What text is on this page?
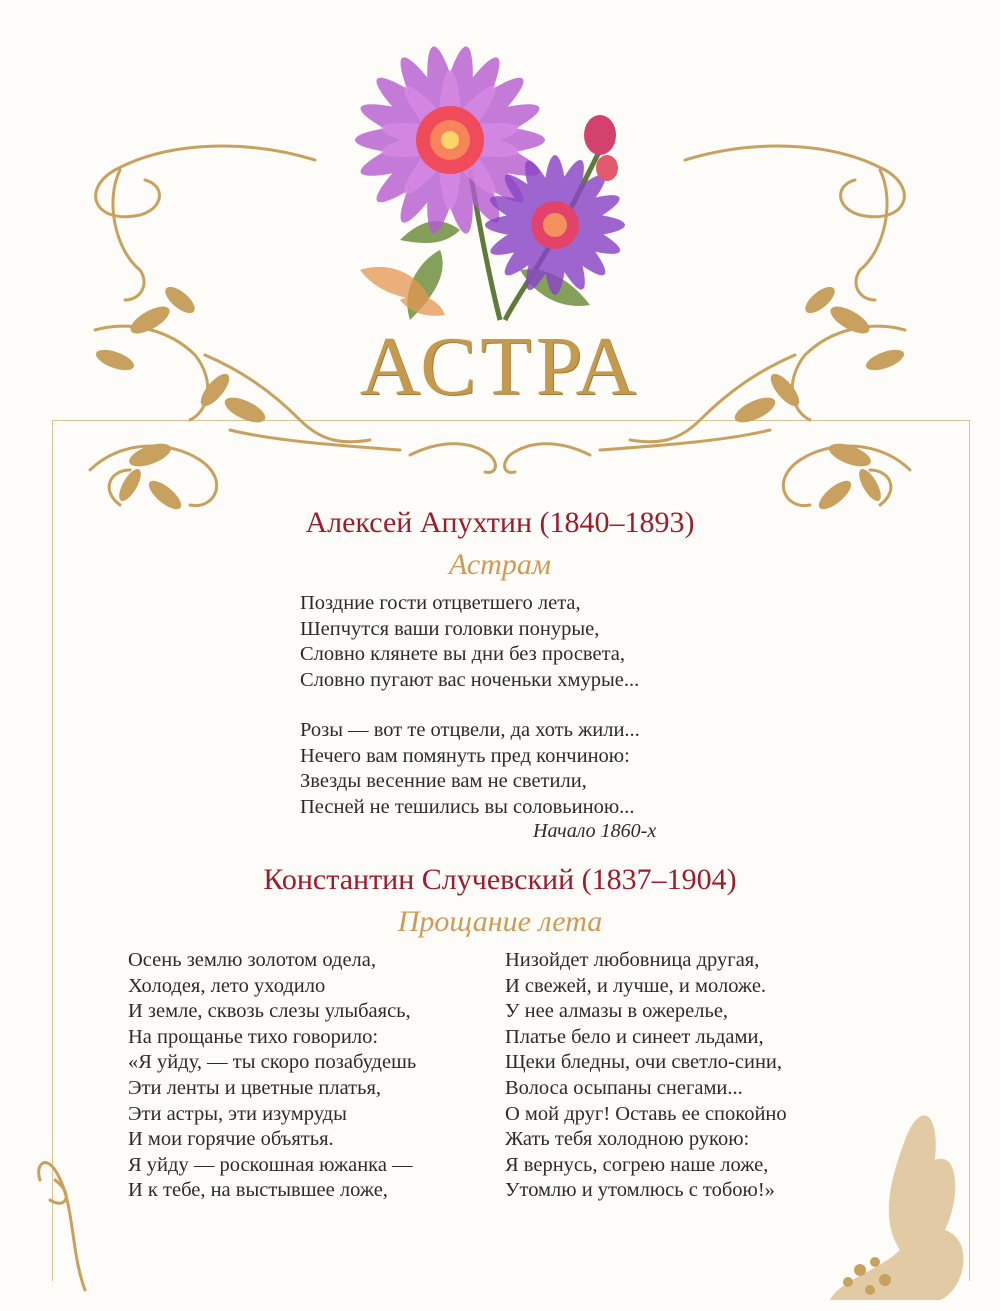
АСТРА
Алексей Апухтин (1840–1893)
Астрам
Поздние гости отцветшего лета,
Шепчутся ваши головки понурые,
Словно клянете вы дни без просвета,
Словно пугают вас ноченьки хмурые...
Розы — вот те отцвели, да хоть жили...
Нечего вам помянуть пред кончиною:
Звезды весенние вам не светили,
Песней не тешились вы соловьиною...
Начало 1860-х
Константин Случевский (1837–1904)
Прощание лета
Осень землю золотом одела,
Холодея, лето уходило
И земле, сквозь слезы улыбаясь,
На прощанье тихо говорило:
«Я уйду, — ты скоро позабудешь
Эти ленты и цветные платья,
Эти астры, эти изумруды
И мои горячие объятья.
Я уйду — роскошная южанка —
И к тебе, на выстывшее ложе,
Низойдет любовница другая,
И свежей, и лучше, и моложе.
У нее алмазы в ожерелье,
Платье бело и синеет льдами,
Щеки бледны, очи светло-сини,
Волоса осыпаны снегами...
О мой друг! Оставь ее спокойно
Жать тебя холодною рукою:
Я вернусь, согрею наше ложе,
Утомлю и утомлюсь с тобою!»
